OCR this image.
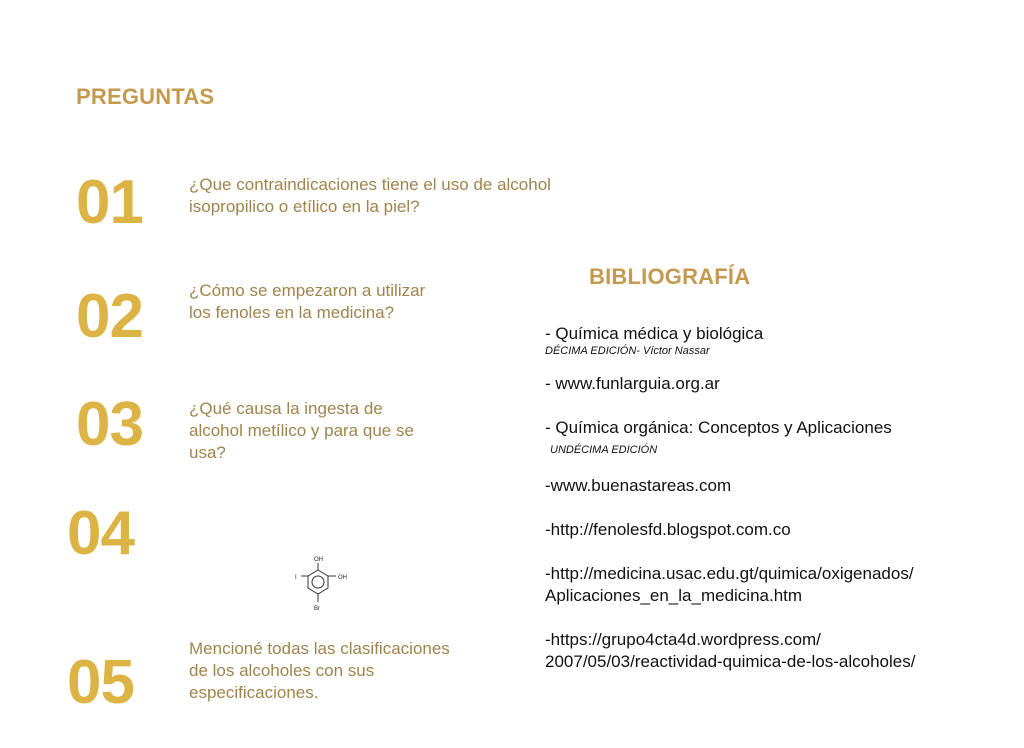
PREGUNTAS
01	¿Que contraindicaciones tiene el uso de alcohol isopropilico o etílico en la piel?
02	¿Cómo se empezaron a utilizar los fenoles en la medicina?
03	¿Qué causa la ingesta de alcohol metílico y para que se usa?
04	OH
OH
I
Br
05	Mencioné todas las clasificaciones de los alcoholes con sus especificaciones.
BIBLIOGRAFÍA
- Química médica y biológica
DÉCIMA EDICIÓN- Víctor Nassar
- www.funlarguia.org.ar
- Química orgánica: Conceptos y Aplicaciones
UNDÉCIMA EDICIÓN
-www.buenastareas.com
-http://fenolesfd.blogspot.com.co
-http://medicina.usac.edu.gt/quimica/oxigenados/
Aplicaciones_en_la_medicina.htm
-https://grupo4cta4d.wordpress.com/
2007/05/03/reactividad-quimica-de-los-alcoholes/
